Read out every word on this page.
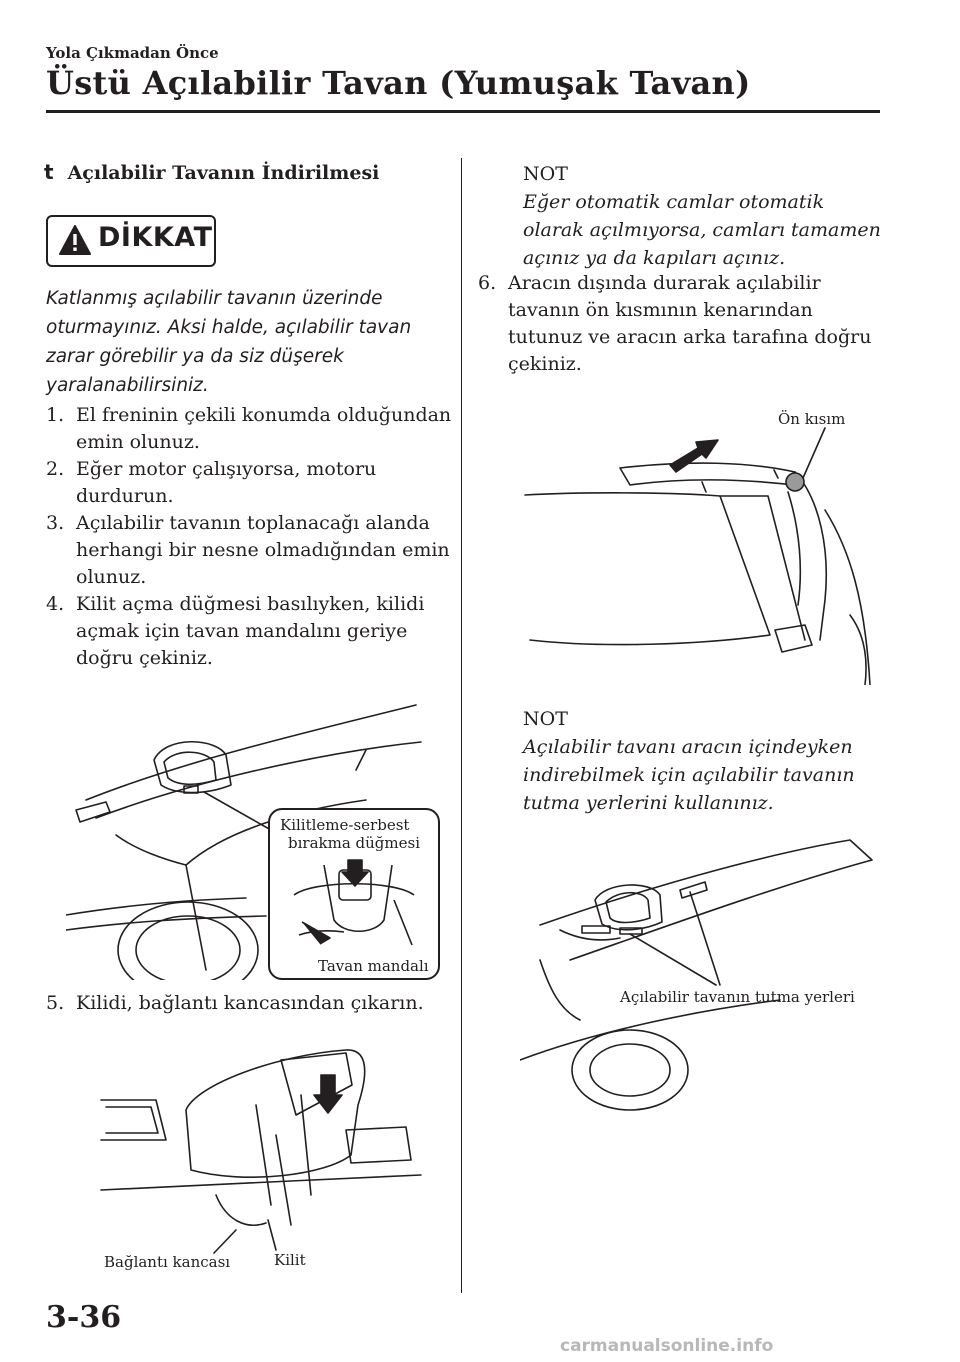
Yola Çıkmadan Önce
Üstü Açılabilir Tavan (Yumuşak Tavan)
t Açılabilir Tavanın İndirilmesi
DİKKAT
Katlanmış açılabilir tavanın üzerinde oturmayınız. Aksi halde, açılabilir tavan zarar görebilir ya da siz düşerek yaralanabilirsiniz.
1. El freninin çekili konumda olduğundan emin olunuz.
2. Eğer motor çalışıyorsa, motoru durdurun.
3. Açılabilir tavanın toplanacağı alanda herhangi bir nesne olmadığından emin olunuz.
4. Kilit açma düğmesi basılıyken, kilidi açmak için tavan mandalını geriye doğru çekiniz.
Kilitleme-serbest
bırakma düğmesi
Tavan mandalı
5. Kilidi, bağlantı kancasından çıkarın.
Bağlantı kancası	Kilit
NOT
Eğer otomatik camlar otomatik olarak açılmıyorsa, camları tamamen açınız ya da kapıları açınız.
6. Aracın dışında durarak açılabilir tavanın ön kısmının kenarından tutunuz ve aracın arka tarafına doğru çekiniz.
Ön kısım
NOT
Açılabilir tavanı aracın içindeyken indirebilmek için açılabilir tavanın tutma yerlerini kullanınız.
Açılabilir tavanın tutma yerleri
3-36
carmanualsonline.info
